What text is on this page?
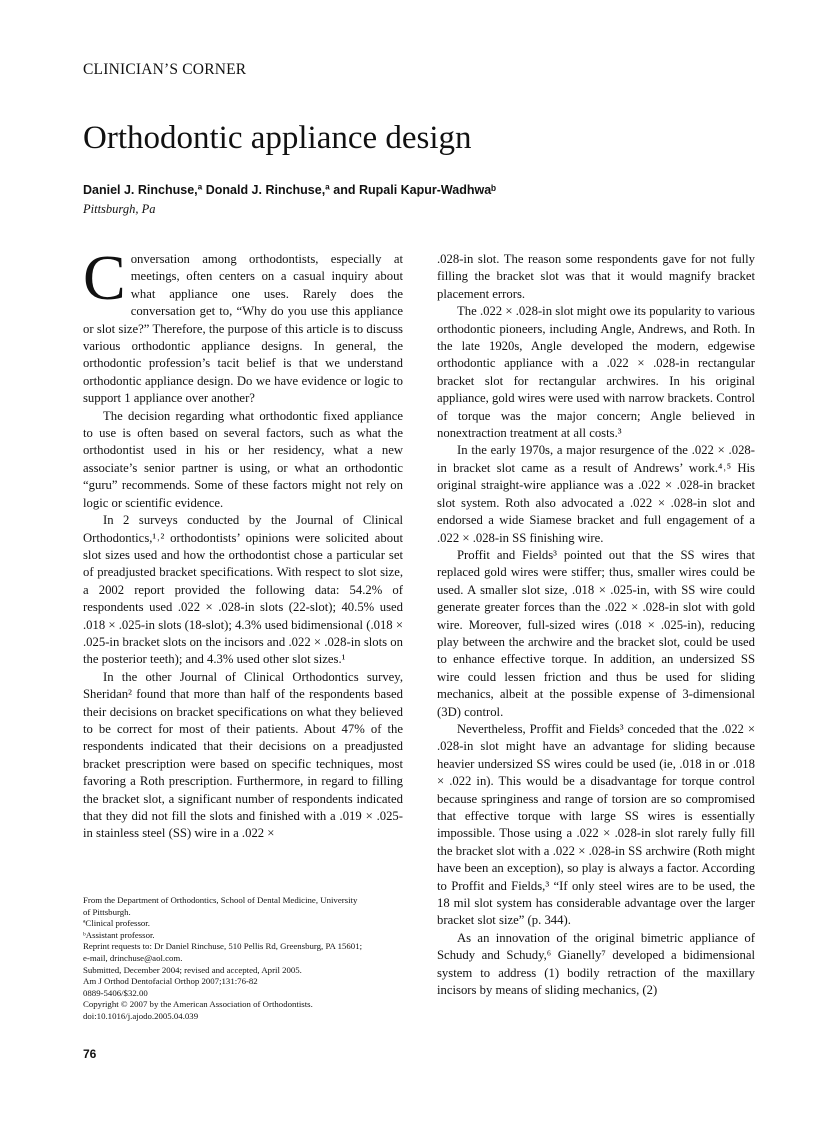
CLINICIAN’S CORNER
Orthodontic appliance design
Daniel J. Rinchuse,ª Donald J. Rinchuse,ª and Rupali Kapur-Wadhwaᵇ
Pittsburgh, Pa

Conversation among orthodontists, especially at meetings, often centers on a casual inquiry about what appliance one uses. Rarely does the conversation get to, “Why do you use this appliance or slot size?” Therefore, the purpose of this article is to discuss various orthodontic appliance designs. In general, the orthodontic profession’s tacit belief is that we understand orthodontic appliance design. Do we have evidence or logic to support 1 appliance over another?

The decision regarding what orthodontic fixed appliance to use is often based on several factors, such as what the orthodontist used in his or her residency, what a new associate’s senior partner is using, or what an orthodontic “guru” recommends. Some of these factors might not rely on logic or scientific evidence.

In 2 surveys conducted by the Journal of Clinical Orthodontics,¹˒² orthodontists’ opinions were solicited about slot sizes used and how the orthodontist chose a particular set of preadjusted bracket specifications. With respect to slot size, a 2002 report provided the following data: 54.2% of respondents used .022 × .028-in slots (22-slot); 40.5% used .018 × .025-in slots (18-slot); 4.3% used bidimensional (.018 × .025-in bracket slots on the incisors and .022 × .028-in slots on the posterior teeth); and 4.3% used other slot sizes.¹

In the other Journal of Clinical Orthodontics survey, Sheridan² found that more than half of the respondents based their decisions on bracket specifications on what they believed to be correct for most of their patients. About 47% of the respondents indicated that their decisions on a preadjusted bracket prescription were based on specific techniques, most favoring a Roth prescription. Furthermore, in regard to filling the bracket slot, a significant number of respondents indicated that they did not fill the slots and finished with a .019 × .025-in stainless steel (SS) wire in a .022 ×

.028-in slot. The reason some respondents gave for not fully filling the bracket slot was that it would magnify bracket placement errors.

The .022 × .028-in slot might owe its popularity to various orthodontic pioneers, including Angle, Andrews, and Roth. In the late 1920s, Angle developed the modern, edgewise orthodontic appliance with a .022 × .028-in rectangular bracket slot for rectangular archwires. In his original appliance, gold wires were used with narrow brackets. Control of torque was the major concern; Angle believed in nonextraction treatment at all costs.³

In the early 1970s, a major resurgence of the .022 × .028-in bracket slot came as a result of Andrews’ work.⁴˒⁵ His original straight-wire appliance was a .022 × .028-in bracket slot system. Roth also advocated a .022 × .028-in slot and endorsed a wide Siamese bracket and full engagement of a .022 × .028-in SS finishing wire.

Proffit and Fields³ pointed out that the SS wires that replaced gold wires were stiffer; thus, smaller wires could be used. A smaller slot size, .018 × .025-in, with SS wire could generate greater forces than the .022 × .028-in slot with gold wire. Moreover, full-sized wires (.018 × .025-in), reducing play between the archwire and the bracket slot, could be used to enhance effective torque. In addition, an undersized SS wire could lessen friction and thus be used for sliding mechanics, albeit at the possible expense of 3-dimensional (3D) control.

Nevertheless, Proffit and Fields³ conceded that the .022 × .028-in slot might have an advantage for sliding because heavier undersized SS wires could be used (ie, .018 in or .018 × .022 in). This would be a disadvantage for torque control because springiness and range of torsion are so compromised that effective torque with large SS wires is essentially impossible. Those using a .022 × .028-in slot rarely fully fill the bracket slot with a .022 × .028-in SS archwire (Roth might have been an exception), so play is always a factor. According to Proffit and Fields,³ “If only steel wires are to be used, the 18 mil slot system has considerable advantage over the larger bracket slot size” (p. 344).

As an innovation of the original bimetric appliance of Schudy and Schudy,⁶ Gianelly⁷ developed a bidimensional system to address (1) bodily retraction of the maxillary incisors by means of sliding mechanics, (2)

From the Department of Orthodontics, School of Dental Medicine, University
of Pittsburgh.
ªClinical professor.
ᵇAssistant professor.
Reprint requests to: Dr Daniel Rinchuse, 510 Pellis Rd, Greensburg, PA 15601;
e-mail, drinchuse@aol.com.
Submitted, December 2004; revised and accepted, April 2005.
Am J Orthod Dentofacial Orthop 2007;131:76-82
0889-5406/$32.00
Copyright © 2007 by the American Association of Orthodontists.
doi:10.1016/j.ajodo.2005.04.039
76
